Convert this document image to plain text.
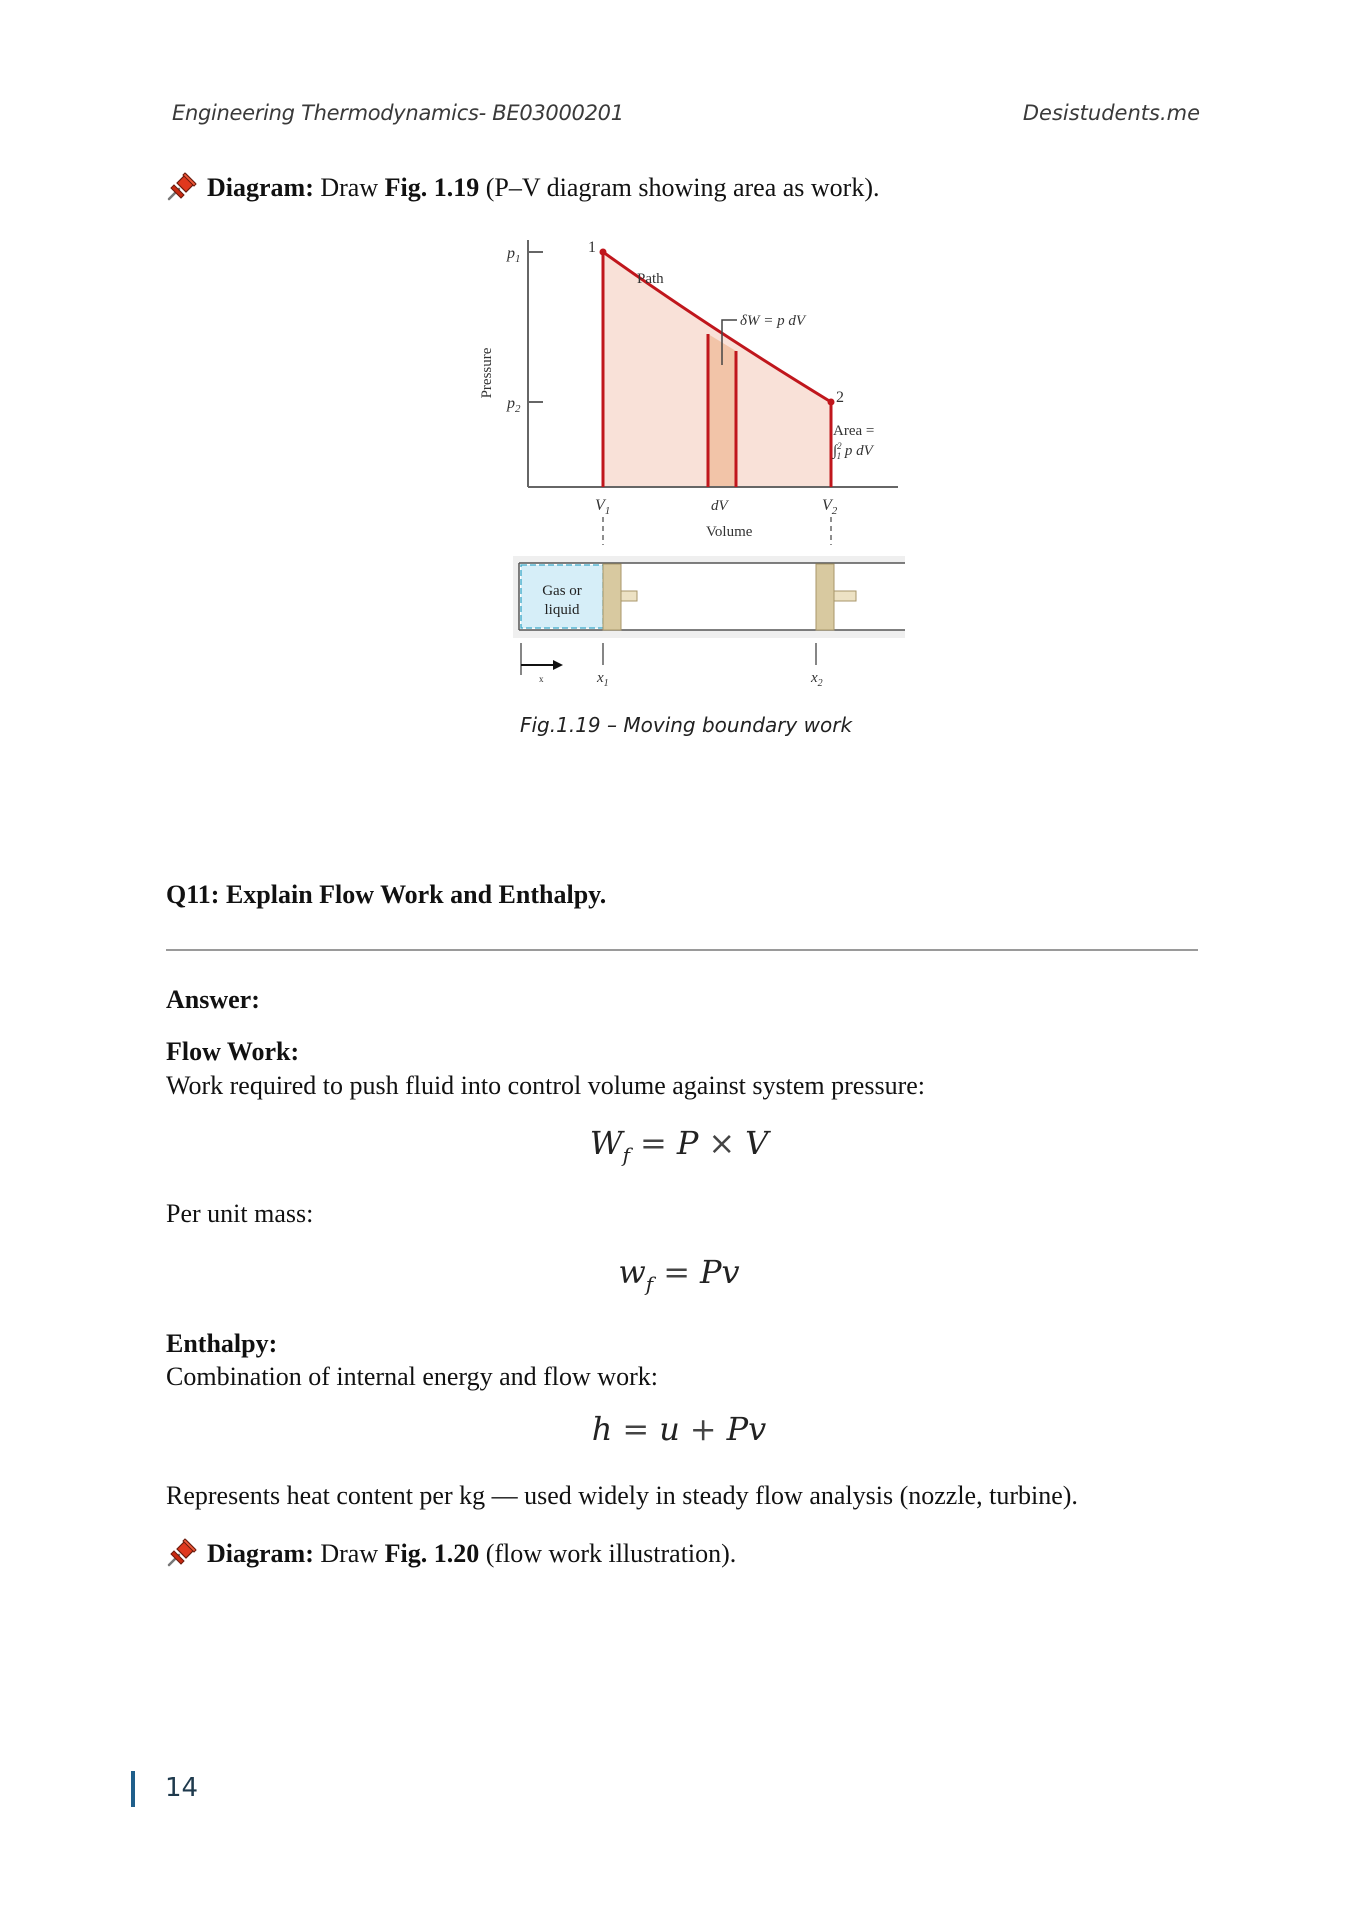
Engineering Thermodynamics- BE03000201	Desistudents.me
Diagram: Draw Fig. 1.19 (P–V diagram showing area as work).
$p_1$
$p_2$
1
2
Path
δW = p dV
Area =
∫$^2$ 1 p dV
Pressure
$V_1$	dV	$V_2$
Volume
Gas or
liquid
x	$x_1$	$x_2$
Fig.1.19 – Moving boundary work
Q11: Explain Flow Work and Enthalpy.
Answer:
Flow Work:
Work required to push fluid into control volume against system pressure:
$W_f = P \times V$
Per unit mass:
$w_f = Pv$
Enthalpy:
Combination of internal energy and flow work:
h = u + Pv
Represents heat content per kg — used widely in steady flow analysis (nozzle, turbine).
Diagram: Draw Fig. 1.20 (flow work illustration).
14
